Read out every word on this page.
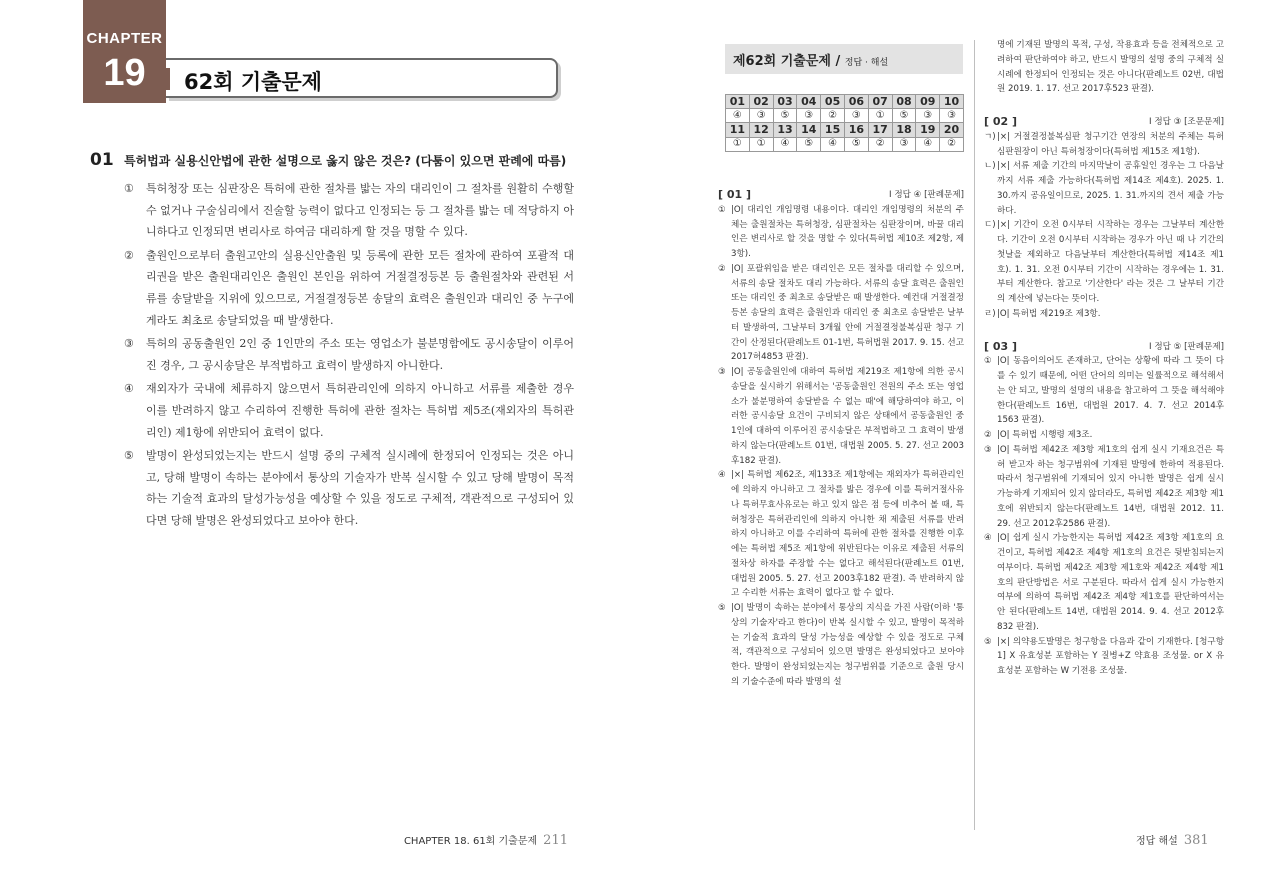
CHAPTER
19	62회 기출문제
01 특허법과 실용신안법에 관한 설명으로 옳지 않은 것은? (다툼이 있으면 판례에 따름)
①	특허청장 또는 심판장은 특허에 관한 절차를 밟는 자의 대리인이 그 절차를 원활히 수행할 수 없거나 구술심리에서 진술할 능력이 없다고 인정되는 등 그 절차를 밟는 데 적당하지 아니하다고 인정되면 변리사로 하여금 대리하게 할 것을 명할 수 있다.
②	출원인으로부터 출원고안의 실용신안출원 및 등록에 관한 모든 절차에 관하여 포괄적 대리권을 받은 출원대리인은 출원인 본인을 위하여 거절결정등본 등 출원절차와 관련된 서류를 송달받을 지위에 있으므로, 거절결정등본 송달의 효력은 출원인과 대리인 중 누구에게라도 최초로 송달되었을 때 발생한다.
③	특허의 공동출원인 2인 중 1인만의 주소 또는 영업소가 불분명함에도 공시송달이 이루어진 경우, 그 공시송달은 부적법하고 효력이 발생하지 아니한다.
④	재외자가 국내에 체류하지 않으면서 특허관리인에 의하지 아니하고 서류를 제출한 경우 이를 반려하지 않고 수리하여 진행한 특허에 관한 절차는 특허법 제5조(재외자의 특허관리인) 제1항에 위반되어 효력이 없다.
⑤	발명이 완성되었는지는 반드시 설명 중의 구체적 실시례에 한정되어 인정되는 것은 아니고, 당해 발명이 속하는 분야에서 통상의 기술자가 반복 실시할 수 있고 당해 발명이 목적하는 기술적 효과의 달성가능성을 예상할 수 있을 정도로 구체적, 객관적으로 구성되어 있다면 당해 발명은 완성되었다고 보아야 한다.
CHAPTER 18. 61회 기출문제 211
제62회 기출문제 / 정답 · 해설
01	02	03	04	05	06	07	08	09	10
④	③	⑤	③	②	③	①	⑤	③	③
11	12	13	14	15	16	17	18	19	20
①	①	④	⑤	④	⑤	②	③	④	②
[ 01 ]	I 정답 ④ [판례문제]
① |O| 대리인 개임명령 내용이다. 대리인 개임명령의 처분의 주체는 출원절차는 특허청장, 심판절차는 심판장이며, 바꿀 대리인은 변리사로 할 것을 명할 수 있다(특허법 제10조 제2항, 제3항).
② |O| 포괄위임을 받은 대리인은 모든 절차를 대리할 수 있으며, 서류의 송달 절차도 대리 가능하다. 서류의 송달 효력은 출원인 또는 대리인 중 최초로 송달받은 때 발생한다. 예컨대 거절결정등본 송달의 효력은 출원인과 대리인 중 최초로 송달받은 날부터 발생하여, 그날부터 3개월 안에 거절결정불복심판 청구 기간이 산정된다(판례노트 01-1번, 특허법원 2017. 9. 15. 선고 2017허4853 판결).
③ |O| 공동출원인에 대하여 특허법 제219조 제1항에 의한 공시송달을 실시하기 위해서는 '공동출원인 전원의 주소 또는 영업소가 불분명하여 송달받을 수 없는 때'에 해당하여야 하고, 이러한 공시송달 요건이 구비되지 않은 상태에서 공동출원인 중 1인에 대하여 이루어진 공시송달은 부적법하고 그 효력이 발생하지 않는다(판례노트 01번, 대법원 2005. 5. 27. 선고 2003후182 판결).
④ |×| 특허법 제62조, 제133조 제1항에는 재외자가 특허관리인에 의하지 아니하고 그 절차를 밟은 경우에 이를 특허거절사유나 특허무효사유로는 하고 있지 않은 점 등에 비추어 볼 때, 특허청장은 특허관리인에 의하지 아니한 채 제출된 서류를 반려하지 아니하고 이를 수리하여 특허에 관한 절차를 진행한 이후에는 특허법 제5조 제1항에 위반된다는 이유로 제출된 서류의 절차상 하자를 주장할 수는 없다고 해석된다(판례노트 01번, 대법원 2005. 5. 27. 선고 2003후182 판결). 즉 반려하지 않고 수리한 서류는 효력이 없다고 할 수 없다.
⑤ |O| 발명이 속하는 분야에서 통상의 지식을 가진 사람(이하 '통상의 기술자'라고 한다)이 반복 실시할 수 있고, 발명이 목적하는 기술적 효과의 달성 가능성을 예상할 수 있을 정도로 구체적, 객관적으로 구성되어 있으면 발명은 완성되었다고 보아야 한다. 발명이 완성되었는지는 청구범위를 기준으로 출원 당시의 기술수준에 따라 발명의 설

명에 기재된 발명의 목적, 구성, 작용효과 등을 전체적으로 고려하여 판단하여야 하고, 반드시 발명의 설명 중의 구체적 실시례에 한정되어 인정되는 것은 아니다(판례노트 02번, 대법원 2019. 1. 17. 선고 2017후523 판결).

[ 02 ]	I 정답 ③ [조문문제]
ㄱ) |×| 거절결정불복심판 청구기간 연장의 처분의 주체는 특허심판원장이 아닌 특허청장이다(특허법 제15조 제1항).
ㄴ) |×| 서류 제출 기간의 마지막날이 공휴일인 경우는 그 다음날까지 서류 제출 가능하다(특허법 제14조 제4호). 2025. 1. 30.까지 공유일이므로, 2025. 1. 31.까지의 견서 제출 가능하다.
ㄷ) |×| 기간이 오전 0시부터 시작하는 경우는 그날부터 계산한다. 기간이 오전 0시부터 시작하는 경우가 아닌 때 나 기간의 첫날을 제외하고 다음날부터 계산한다(특허법 제14조 제1호). 1. 31. 오전 0시부터 기간이 시작하는 경우에는 1. 31.부터 계산한다. 참고로 '기산한다' 라는 것은 그 날부터 기간의 계산에 넣는다는 뜻이다.
ㄹ) |O| 특허법 제219조 제3항.
[ 03 ]	I 정답 ⑤ [판례문제]
① |O| 동음이의어도 존재하고, 단어는 상황에 따라 그 뜻이 다를 수 있기 때문에, 어떤 단어의 의미는 일률적으로 해석해서는 안 되고, 발명의 설명의 내용을 참고하여 그 뜻을 해석해야 한다(판례노트 16번, 대법원 2017. 4. 7. 선고 2014후1563 판결).
② |O| 특허법 시행령 제3조.
③ |O| 특허법 제42조 제3항 제1호의 쉽게 실시 기재요건은 특허 받고자 하는 청구범위에 기재된 발명에 한하여 적용된다. 따라서 청구범위에 기재되어 있지 아니한 발명은 쉽게 실시 가능하게 기재되어 있지 않더라도, 특허법 제42조 제3항 제1호에 위반되지 않는다(판례노트 14번, 대법원 2012. 11. 29. 선고 2012후2586 판결).
④ |O| 쉽게 실시 가능한지는 특허법 제42조 제3항 제1호의 요건이고, 특허법 제42조 제4항 제1호의 요건은 뒷받침되는지 여부이다. 특허법 제42조 제3항 제1호와 제42조 제4항 제1호의 판단방법은 서로 구분된다. 따라서 쉽게 실시 가능한지 여부에 의하여 특허법 제42조 제4항 제1호를 판단하여서는 안 된다(판례노트 14번, 대법원 2014. 9. 4. 선고 2012후832 판결).
⑤ |×| 의약용도발명은 청구항을 다음과 같이 기재한다. [청구항 1] X 유효성분 포함하는 Y 질병+Z 약효용 조성물. or X 유효성분 포함하는 W 기전용 조성물.
정답 해설 381
